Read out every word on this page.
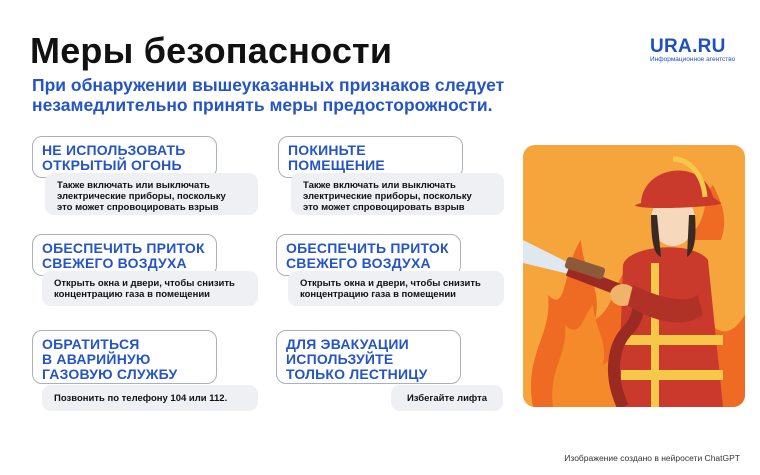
Меры безопасности	URA.RU
Информационное агентство
При обнаружении вышеуказанных признаков следует
незамедлительно принять меры предосторожности.
НЕ ИСПОЛЬЗОВАТЬ
ОТКРЫТЫЙ ОГОНЬ
Также включать или выключать
электрические приборы, поскольку
это может спровоцировать взрыв
ПОКИНЬТЕ
ПОМЕЩЕНИЕ
Также включать или выключать
электрические приборы, поскольку
это может спровоцировать взрыв
ОБЕСПЕЧИТЬ ПРИТОК
СВЕЖЕГО ВОЗДУХА
Открыть окна и двери, чтобы снизить
концентрацию газа в помещении
ОБЕСПЕЧИТЬ ПРИТОК
СВЕЖЕГО ВОЗДУХА
Открыть окна и двери, чтобы снизить
концентрацию газа в помещении
ОБРАТИТЬСЯ
В АВАРИЙНУЮ
ГАЗОВУЮ СЛУЖБУ
Позвонить по телефону 104 или 112.
ДЛЯ ЭВАКУАЦИИ
ИСПОЛЬЗУЙТЕ
ТОЛЬКО ЛЕСТНИЦУ
Избегайте лифта
Изображение создано в нейросети ChatGPT
